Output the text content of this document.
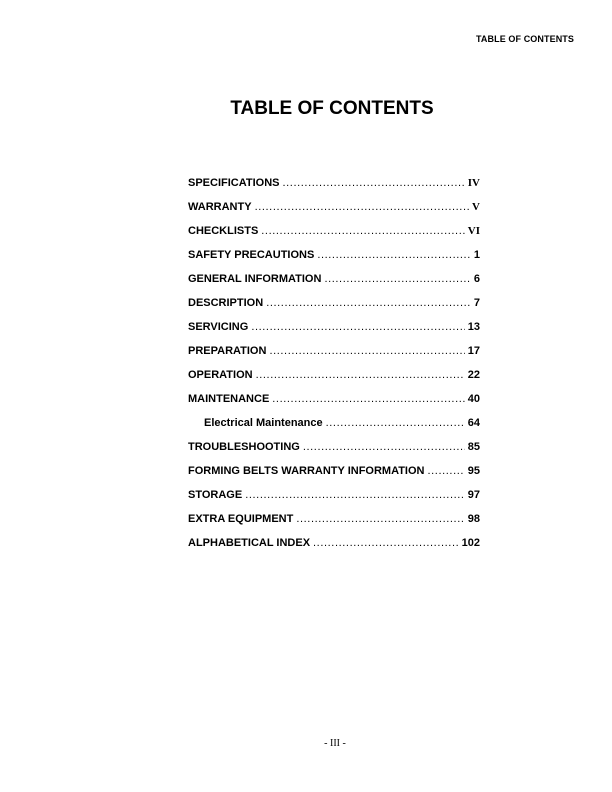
TABLE OF CONTENTS
TABLE OF CONTENTS
SPECIFICATIONS .....	IV
WARRANTY .....	V
CHECKLISTS .....	VI
SAFETY PRECAUTIONS .....	1
GENERAL INFORMATION .....	6
DESCRIPTION .....	7
SERVICING .....	13
PREPARATION .....	17
OPERATION .....	22
MAINTENANCE .....	40
Electrical Maintenance .....	64
TROUBLESHOOTING .....	85
FORMING BELTS WARRANTY INFORMATION .....	95
STORAGE .....	97
EXTRA EQUIPMENT .....	98
ALPHABETICAL INDEX .....	102
- III -
